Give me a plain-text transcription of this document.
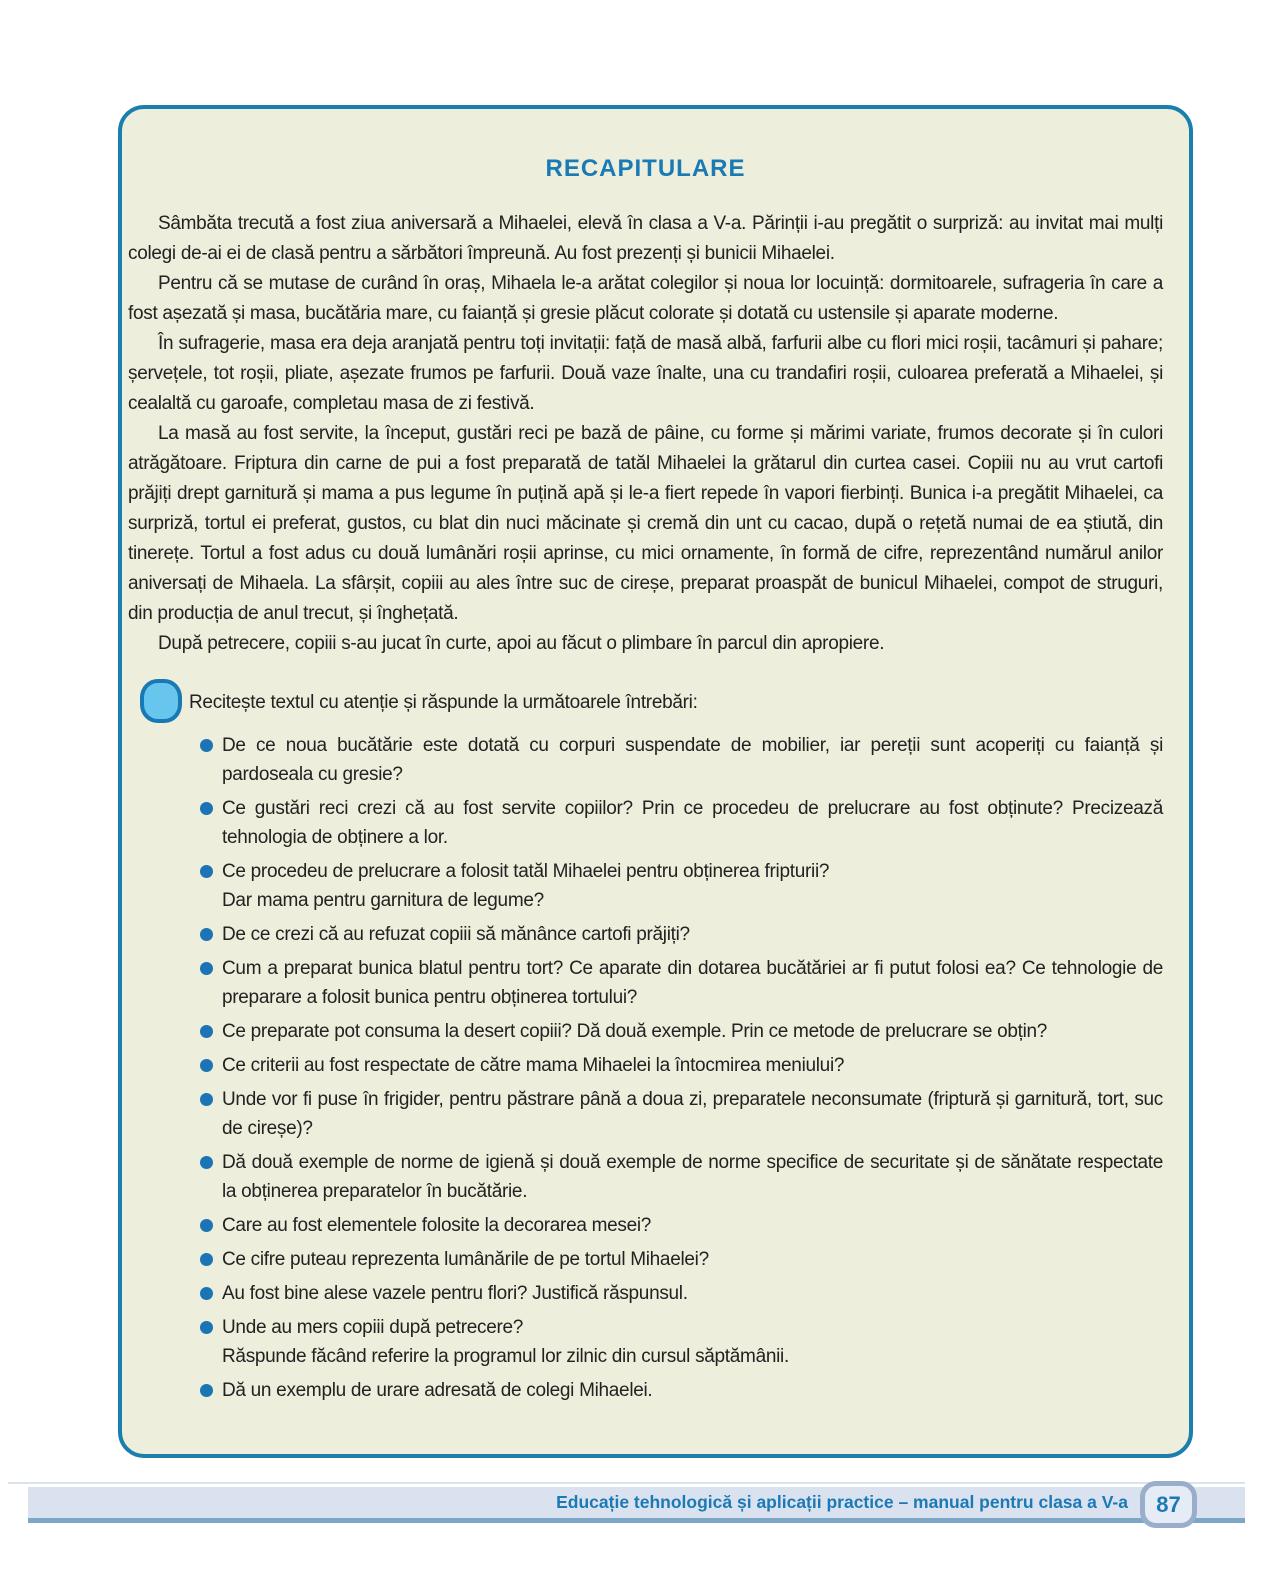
RECAPITULARE

Sâmbăta trecută a fost ziua aniversară a Mihaelei, elevă în clasa a V-a. Părinții i-au pregătit o surpriză: au invitat mai mulți colegi de-ai ei de clasă pentru a sărbători împreună. Au fost prezenți și bunicii Mihaelei.

Pentru că se mutase de curând în oraș, Mihaela le-a arătat colegilor și noua lor locuință: dormitoarele, sufrageria în care a fost așezată și masa, bucătăria mare, cu faianță și gresie plăcut colorate și dotată cu ustensile și aparate moderne.

În sufragerie, masa era deja aranjată pentru toți invitații: față de masă albă, farfurii albe cu flori mici roșii, tacâmuri și pahare; șervețele, tot roșii, pliate, așezate frumos pe farfurii. Două vaze înalte, una cu trandafiri roșii, culoarea preferată a Mihaelei, și cealaltă cu garoafe, completau masa de zi festivă.

La masă au fost servite, la început, gustări reci pe bază de pâine, cu forme și mărimi variate, frumos decorate și în culori atrăgătoare. Friptura din carne de pui a fost preparată de tatăl Mihaelei la grătarul din curtea casei. Copiii nu au vrut cartofi prăjiți drept garnitură și mama a pus legume în puțină apă și le-a fiert repede în vapori fierbinți. Bunica i-a pregătit Mihaelei, ca surpriză, tortul ei preferat, gustos, cu blat din nuci măcinate și cremă din unt cu cacao, după o rețetă numai de ea știută, din tinerețe. Tortul a fost adus cu două lumânări roșii aprinse, cu mici ornamente, în formă de cifre, reprezentând numărul anilor aniversați de Mihaela. La sfârșit, copiii au ales între suc de cireșe, preparat proaspăt de bunicul Mihaelei, compot de struguri, din producția de anul trecut, și înghețată.

După petrecere, copiii s-au jucat în curte, apoi au făcut o plimbare în parcul din apropiere.

Recitește textul cu atenție și răspunde la următoarele întrebări:
De ce noua bucătărie este dotată cu corpuri suspendate de mobilier, iar pereții sunt acoperiți cu faianță și pardoseala cu gresie?
Ce gustări reci crezi că au fost servite copiilor? Prin ce procedeu de prelucrare au fost obținute? Precizează tehnologia de obținere a lor.
Ce procedeu de prelucrare a folosit tatăl Mihaelei pentru obținerea fripturii?
Dar mama pentru garnitura de legume?
De ce crezi că au refuzat copiii să mănânce cartofi prăjiți?
Cum a preparat bunica blatul pentru tort? Ce aparate din dotarea bucătăriei ar fi putut folosi ea? Ce tehnologie de preparare a folosit bunica pentru obținerea tortului?
Ce preparate pot consuma la desert copiii? Dă două exemple. Prin ce metode de prelucrare se obțin?
Ce criterii au fost respectate de către mama Mihaelei la întocmirea meniului?
Unde vor fi puse în frigider, pentru păstrare până a doua zi, preparatele neconsumate (friptură și garnitură, tort, suc de cireșe)?
Dă două exemple de norme de igienă și două exemple de norme specifice de securitate și de sănătate respectate la obținerea preparatelor în bucătărie.
Care au fost elementele folosite la decorarea mesei?
Ce cifre puteau reprezenta lumânările de pe tortul Mihaelei?
Au fost bine alese vazele pentru flori? Justifică răspunsul.
Unde au mers copiii după petrecere?
Răspunde făcând referire la programul lor zilnic din cursul săptămânii.
Dă un exemplu de urare adresată de colegi Mihaelei.
Educație tehnologică și aplicații practice – manual pentru clasa a V-a	87
